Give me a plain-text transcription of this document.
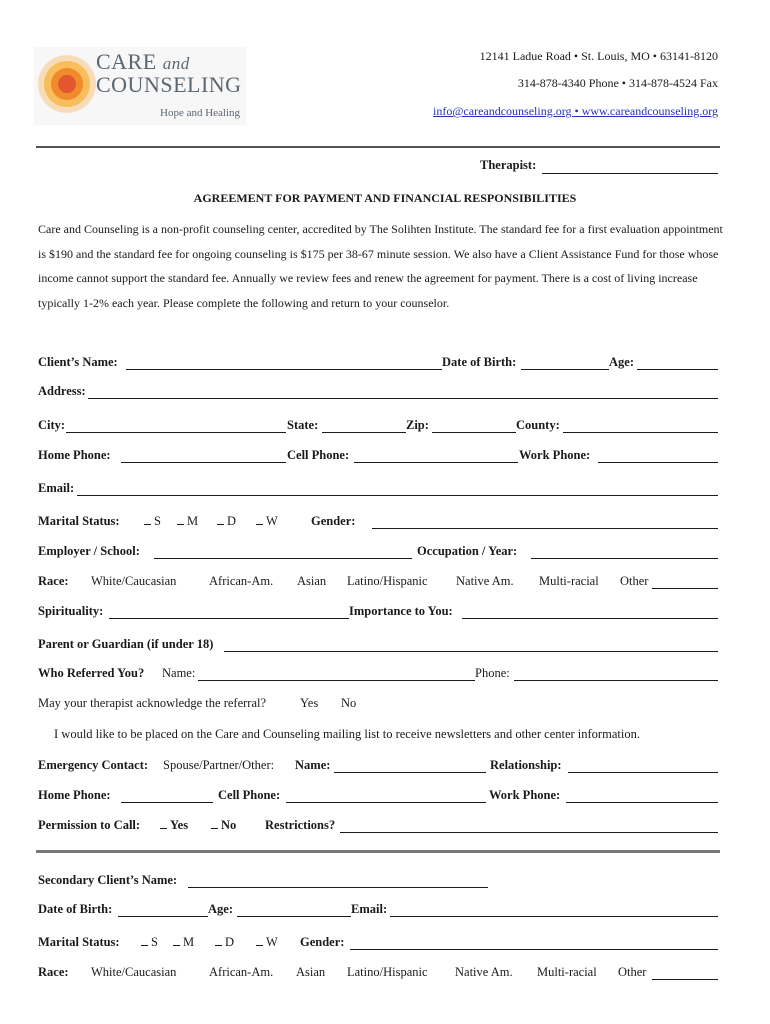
CARE and
COUNSELING
Hope and Healing
12141 Ladue Road • St. Louis, MO • 63141-8120
314-878-4340 Phone • 314-878-4524 Fax
info@careandcounseling.org • www.careandcounseling.org
Therapist:
AGREEMENT FOR PAYMENT AND FINANCIAL RESPONSIBILITIES
Care and Counseling is a non-profit counseling center, accredited by The Solihten Institute. The standard fee for a first evaluation appointment is $190 and the standard fee for ongoing counseling is $175 per 38-67 minute session. We also have a Client Assistance Fund for those whose income cannot support the standard fee. Annually we review fees and renew the agreement for payment. There is a cost of living increase typically 1-2% each year. Please complete the following and return to your counselor.
Client’s Name:	Date of Birth:	Age:
Address:
City:	State:	Zip:	County:
Home Phone:	Cell Phone:	Work Phone:
Email:
Marital Status:	S	M	D	W	Gender:
Employer / School:	Occupation / Year:
Race: White/Caucasian	African-Am. Asian Latino/Hispanic Native Am. Multi-racial Other
Spirituality:	Importance to You:
Parent or Guardian (if under 18)
Who Referred You? Name:	Phone:
May your therapist acknowledge the referral?	Yes No
I would like to be placed on the Care and Counseling mailing list to receive newsletters and other center information.
Emergency Contact: Spouse/Partner/Other: Name:	Relationship:
Home Phone:	Cell Phone:	Work Phone:
Permission to Call:	Yes	No Restrictions?
Secondary Client’s Name:
Date of Birth:	Age:	Email:
Marital Status:	S	M	D	W Gender:
Race: White/Caucasian	African-Am. Asian Latino/Hispanic Native Am. Multi-racial Other
